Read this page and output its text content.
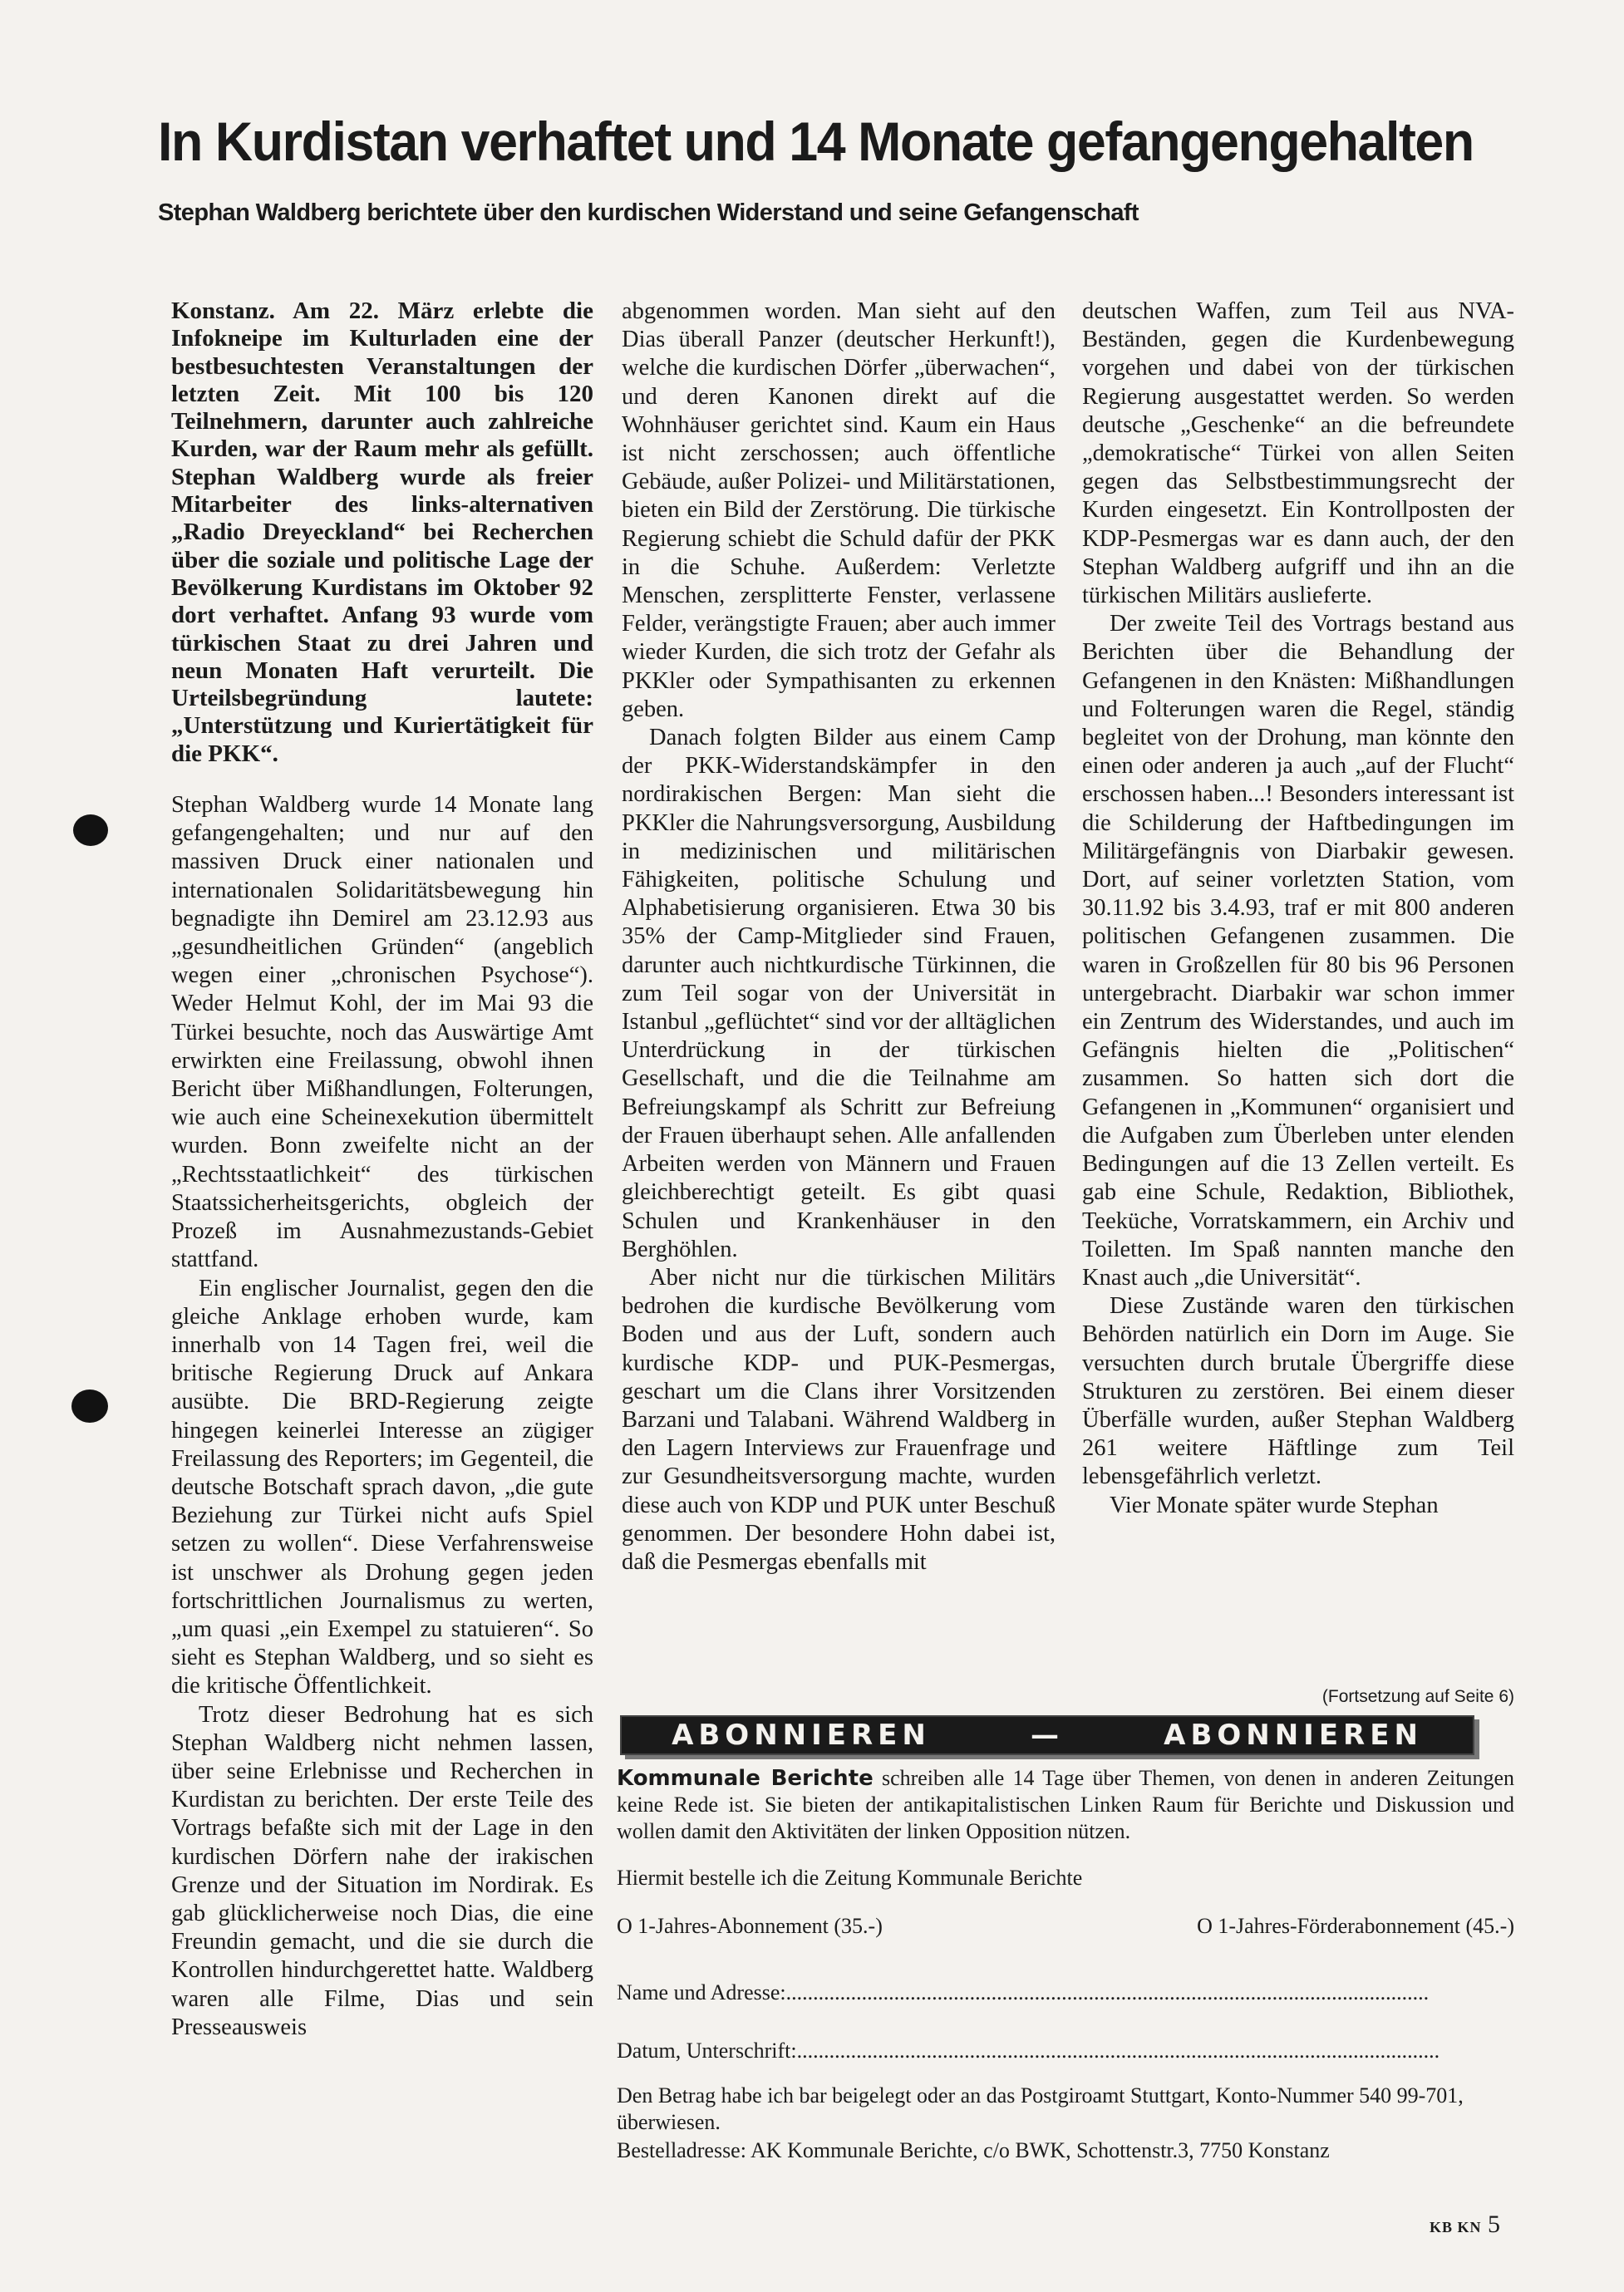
In Kurdistan verhaftet und 14 Monate gefangengehalten
Stephan Waldberg berichtete über den kurdischen Widerstand und seine Gefangenschaft

Konstanz. Am 22. März erlebte die Infokneipe im Kulturladen eine der bestbesuchtesten Veranstaltungen der letzten Zeit. Mit 100 bis 120 Teilnehmern, darunter auch zahlreiche Kurden, war der Raum mehr als gefüllt. Stephan Waldberg wurde als freier Mitarbeiter des links-alternativen „Radio Dreyeckland“ bei Recherchen über die soziale und politische Lage der Bevölkerung Kurdistans im Oktober 92 dort verhaftet. Anfang 93 wurde vom türkischen Staat zu drei Jahren und neun Monaten Haft verurteilt. Die Urteilsbegründung lautete: „Unterstützung und Kuriertätigkeit für die PKK“.

Stephan Waldberg wurde 14 Monate lang gefangengehalten; und nur auf den massiven Druck einer nationalen und internationalen Solidaritätsbewegung hin begnadigte ihn Demirel am 23.12.93 aus „gesundheitlichen Gründen“ (angeblich wegen einer „chronischen Psychose“). Weder Helmut Kohl, der im Mai 93 die Türkei besuchte, noch das Auswärtige Amt erwirkten eine Freilassung, obwohl ihnen Bericht über Mißhandlungen, Folterungen, wie auch eine Scheinexekution übermittelt wurden. Bonn zweifelte nicht an der „Rechtsstaatlichkeit“ des türkischen Staatssicherheitsgerichts, obgleich der Prozeß im Ausnahmezustands-Gebiet stattfand.

Ein englischer Journalist, gegen den die gleiche Anklage erhoben wurde, kam innerhalb von 14 Tagen frei, weil die britische Regierung Druck auf Ankara ausübte. Die BRD-Regierung zeigte hingegen keinerlei Interesse an zügiger Freilassung des Reporters; im Gegenteil, die deutsche Botschaft sprach davon, „die gute Beziehung zur Türkei nicht aufs Spiel setzen zu wollen“. Diese Verfahrensweise ist unschwer als Drohung gegen jeden fortschrittlichen Journalismus zu werten, „um quasi „ein Exempel zu statuieren“. So sieht es Stephan Waldberg, und so sieht es die kritische Öffentlichkeit.

Trotz dieser Bedrohung hat es sich Stephan Waldberg nicht nehmen lassen, über seine Erlebnisse und Recherchen in Kurdistan zu berichten. Der erste Teile des Vortrags befaßte sich mit der Lage in den kurdischen Dörfern nahe der irakischen Grenze und der Situation im Nordirak. Es gab glücklicherweise noch Dias, die eine Freundin gemacht, und die sie durch die Kontrollen hindurchgerettet hatte. Waldberg waren alle Filme, Dias und sein Presseausweis

abgenommen worden. Man sieht auf den Dias überall Panzer (deutscher Herkunft!), welche die kurdischen Dörfer „überwachen“, und deren Kanonen direkt auf die Wohnhäuser gerichtet sind. Kaum ein Haus ist nicht zerschossen; auch öffentliche Gebäude, außer Polizei- und Militärstationen, bieten ein Bild der Zerstörung. Die türkische Regierung schiebt die Schuld dafür der PKK in die Schuhe. Außerdem: Verletzte Menschen, zersplitterte Fenster, verlassene Felder, verängstigte Frauen; aber auch immer wieder Kurden, die sich trotz der Gefahr als PKKler oder Sympathisanten zu erkennen geben.

Danach folgten Bilder aus einem Camp der PKK-Widerstandskämpfer in den nordirakischen Bergen: Man sieht die PKKler die Nahrungsversorgung, Ausbildung in medizinischen und militärischen Fähigkeiten, politische Schulung und Alphabetisierung organisieren. Etwa 30 bis 35% der Camp-Mitglieder sind Frauen, darunter auch nichtkurdische Türkinnen, die zum Teil sogar von der Universität in Istanbul „geflüchtet“ sind vor der alltäglichen Unterdrückung in der türkischen Gesellschaft, und die die Teilnahme am Befreiungskampf als Schritt zur Befreiung der Frauen überhaupt sehen. Alle anfallenden Arbeiten werden von Männern und Frauen gleichberechtigt geteilt. Es gibt quasi Schulen und Krankenhäuser in den Berghöhlen.

Aber nicht nur die türkischen Militärs bedrohen die kurdische Bevölkerung vom Boden und aus der Luft, sondern auch kurdische KDP- und PUK-Pesmergas, geschart um die Clans ihrer Vorsitzenden Barzani und Talabani. Während Waldberg in den Lagern Interviews zur Frauenfrage und zur Gesundheitsversorgung machte, wurden diese auch von KDP und PUK unter Beschuß genommen. Der besondere Hohn dabei ist, daß die Pesmergas ebenfalls mit

deutschen Waffen, zum Teil aus NVA-Beständen, gegen die Kurdenbewegung vorgehen und dabei von der türkischen Regierung ausgestattet werden. So werden deutsche „Geschenke“ an die befreundete „demokratische“ Türkei von allen Seiten gegen das Selbstbestimmungsrecht der Kurden eingesetzt. Ein Kontrollposten der KDP-Pesmergas war es dann auch, der den Stephan Waldberg aufgriff und ihn an die türkischen Militärs auslieferte.

Der zweite Teil des Vortrags bestand aus Berichten über die Behandlung der Gefangenen in den Knästen: Mißhandlungen und Folterungen waren die Regel, ständig begleitet von der Drohung, man könnte den einen oder anderen ja auch „auf der Flucht“ erschossen haben...! Besonders interessant ist die Schilderung der Haftbedingungen im Militärgefängnis von Diarbakir gewesen. Dort, auf seiner vorletzten Station, vom 30.11.92 bis 3.4.93, traf er mit 800 anderen politischen Gefangenen zusammen. Die waren in Großzellen für 80 bis 96 Personen untergebracht. Diarbakir war schon immer ein Zentrum des Widerstandes, und auch im Gefängnis hielten die „Politischen“ zusammen. So hatten sich dort die Gefangenen in „Kommunen“ organisiert und die Aufgaben zum Überleben unter elenden Bedingungen auf die 13 Zellen verteilt. Es gab eine Schule, Redaktion, Bibliothek, Teeküche, Vorratskammern, ein Archiv und Toiletten. Im Spaß nannten manche den Knast auch „die Universität“.

Diese Zustände waren den türkischen Behörden natürlich ein Dorn im Auge. Sie versuchten durch brutale Übergriffe diese Strukturen zu zerstören. Bei einem dieser Überfälle wurden, außer Stephan Waldberg 261 weitere Häftlinge zum Teil lebensgefährlich verletzt.

Vier Monate später wurde Stephan

(Fortsetzung auf Seite 6)
ABONNIEREN	—	ABONNIEREN

Kommunale Berichte schreiben alle 14 Tage über Themen, von denen in anderen Zeitungen keine Rede ist. Sie bieten der antikapitalistischen Linken Raum für Berichte und Diskussion und wollen damit den Aktivitäten der linken Opposition nützen.

Hiermit bestelle ich die Zeitung Kommunale Berichte
O 1-Jahres-Abonnement (35.-)	O 1-Jahres-Förderabonnement (45.-)
Name und Adresse:.......................................................................................................................
Datum, Unterschrift:.......................................................................................................................
Den Betrag habe ich bar beigelegt oder an das Postgiroamt Stuttgart, Konto-Nummer 540 99-701, überwiesen.
Bestelladresse: AK Kommunale Berichte, c/o BWK, Schottenstr.3, 7750 Konstanz
KB KN 5
